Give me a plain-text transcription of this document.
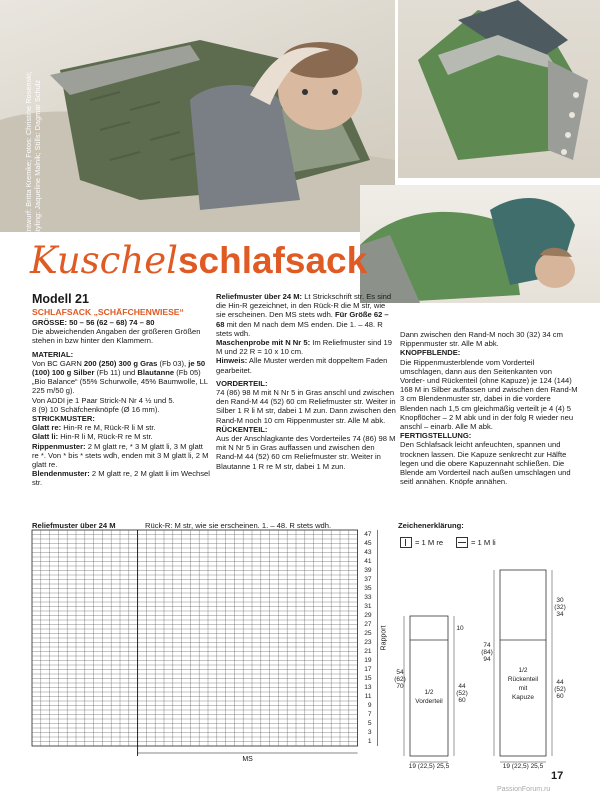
Entwurf: Britta Kremke; Fotos: Christine Rosenski; Styling: Jaqueline Malnik; Stills: Dagmar Schulz
Kuschelschlafsack

Modell 21

SCHLAFSACK „SCHÄFCHENWIESE“

GRÖSSE: 50 – 56 (62 – 68) 74 – 80

Die abweichenden Angaben der größeren Größen stehen in bzw hinter den Klammern.

MATERIAL:

Von BC GARN 200 (250) 300 g Gras (Fb 03), je 50 (100) 100 g Silber (Fb 11) und Blautanne (Fb 05) „Bio Balance“ (55% Schurwolle, 45% Baumwolle, LL 225 m/50 g).

Von ADDI je 1 Paar Strick-N Nr 4 ½ und 5.

8 (9) 10 Schäfchenknöpfe (Ø 16 mm).

STRICKMUSTER:

Glatt re: Hin-R re M, Rück-R li M str.

Glatt li: Hin-R li M, Rück-R re M str.

Rippenmuster: 2 M glatt re, * 3 M glatt li, 3 M glatt re *. Von * bis * stets wdh, enden mit 3 M glatt li, 2 M glatt re.

Blendenmuster: 2 M glatt re, 2 M glatt li im Wechsel str.

Reliefmuster über 24 M: Lt Strickschrift str. Es sind die Hin-R gezeichnet, in den Rück-R die M str, wie sie erscheinen. Den MS stets wdh. Für Größe 62 – 68 mit den M nach dem MS enden. Die 1. – 48. R stets wdh.

Maschenprobe mit N Nr 5: Im Reliefmuster sind 19 M und 22 R = 10 x 10 cm.

Hinweis: Alle Muster werden mit doppeltem Faden gearbeitet.

VORDERTEIL:

74 (86) 98 M mit N Nr 5 in Gras anschl und zwischen den Rand-M 44 (52) 60 cm Reliefmuster str. Weiter in Silber 1 R li M str, dabei 1 M zun. Dann zwischen den Rand-M noch 10 cm Rippenmuster str. Alle M abk.

RÜCKENTEIL:

Aus der Anschlagkante des Vorderteiles 74 (86) 98 M mit N Nr 5 in Gras auffassen und zwischen den Rand-M 44 (52) 60 cm Reliefmuster str. Weiter in Blautanne 1 R re M str, dabei 1 M zun.

Dann zwischen den Rand-M noch 30 (32) 34 cm Rippenmuster str. Alle M abk.

KNOPFBLENDE:

Die Rippenmusterblende vom Vorderteil umschlagen, dann aus den Seitenkanten von Vorder- und Rückenteil (ohne Kapuze) je 124 (144) 168 M in Silber auffassen und zwischen den Rand-M 3 cm Blendenmuster str, dabei in die vordere Blenden nach 1,5 cm gleichmäßig verteilt je 4 (4) 5 Knopflöcher – 2 M abk und in der folg R wieder neu anschl – einarb. Alle M abk.

FERTIGSTELLUNG:

Den Schlafsack leicht anfeuchten, spannen und trocknen lassen. Die Kapuze senkrecht zur Hälfte legen und die obere Kapuzennaht schließen. Die Blende am Vorderteil nach außen umschlagen und seitl annähen. Knöpfe annähen.

Reliefmuster über 24 M	Rück-R: M str, wie sie erscheinen. 1. – 48. R stets wdh.
MS
47
45
43
41
39
37
35
33
31
29
27
25
23
21
19
17
15
13
11
9
7
5
3
1
Rapport
Zeichenerklärung:
= 1 M re	= 1 M li
1/2
Vorderteil
10
44
(52)
60
54
(62)
70
19 (22,5) 25,5
1/2
Rückenteil
mit
Kapuze
30
(32)
34
44
(52)
60
74
(84)
94
19 (22,5) 25,5
17
PassionForum.ru
